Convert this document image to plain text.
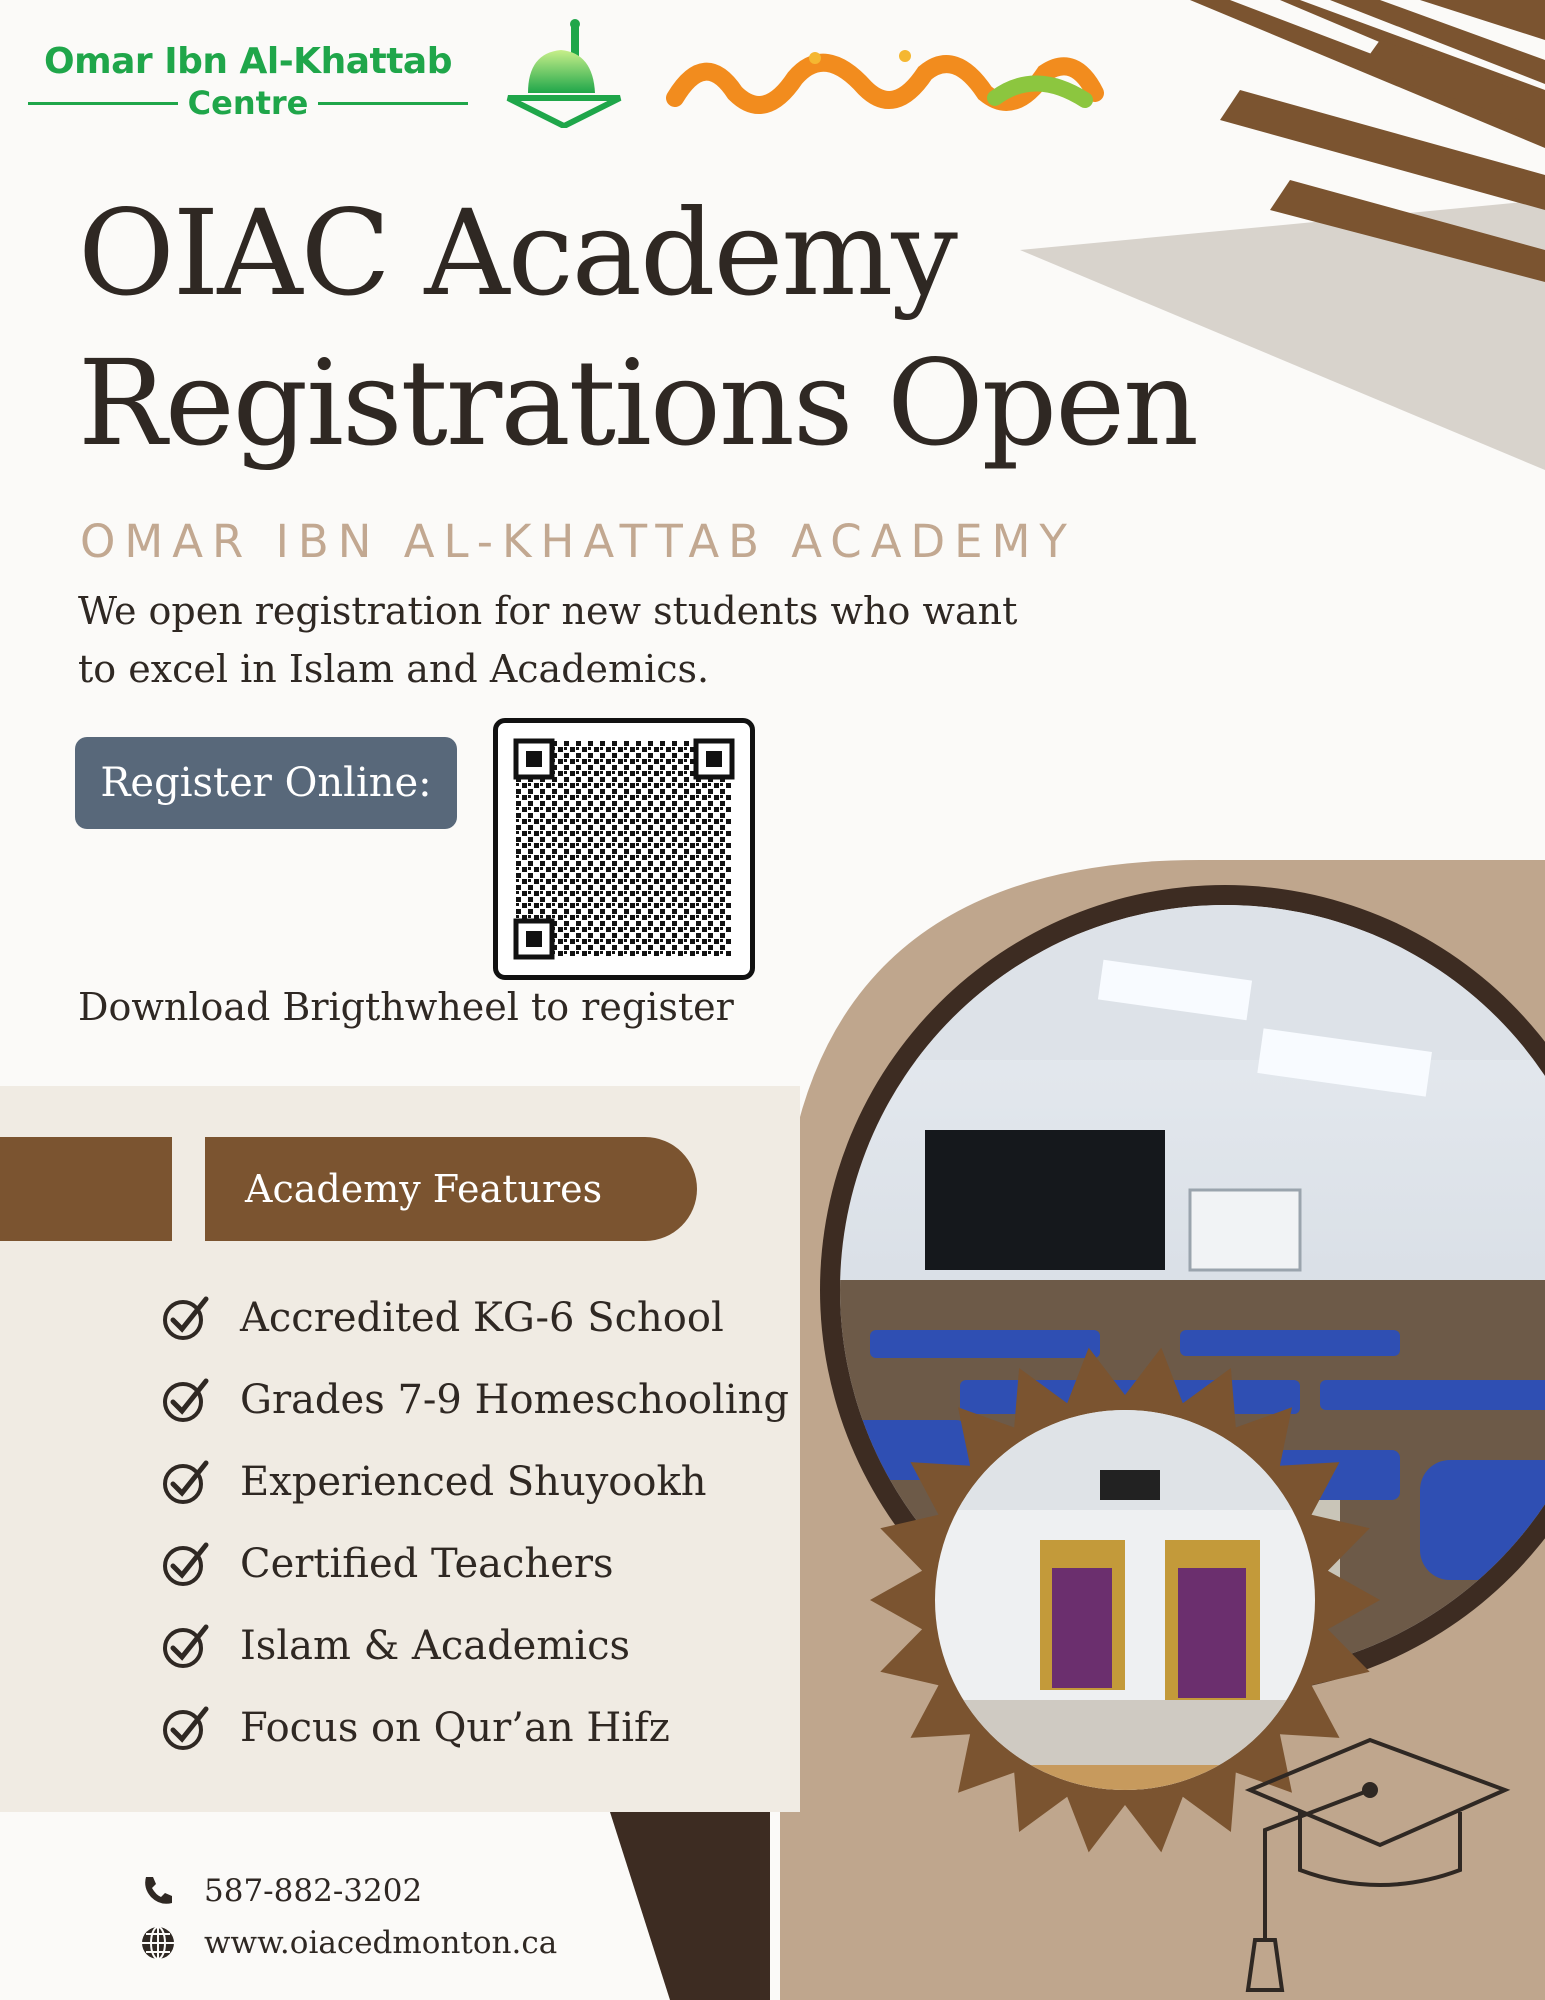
Omar Ibn Al-Khattab
Centre
OIAC Academy
Registrations Open
OMAR IBN AL-KHATTAB ACADEMY
We open registration for new students who want
to excel in Islam and Academics.
Register Online:
Download Brigthwheel to register
Academy Features
Accredited KG-6 School
Grades 7-9 Homeschooling
Experienced Shuyookh
Certified Teachers
Islam & Academics
Focus on Qur’an Hifz
587-882-3202
www.oiacedmonton.ca
